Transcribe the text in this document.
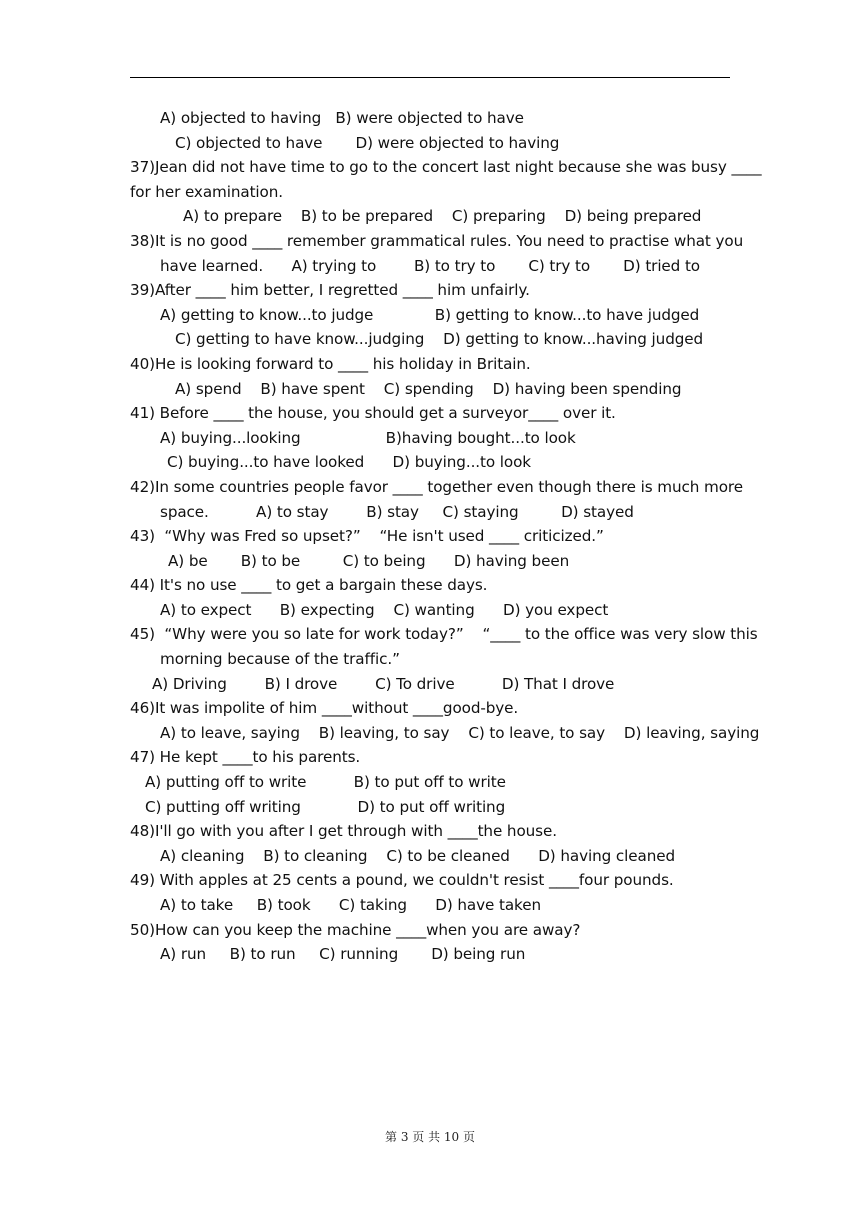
A) objected to having   B) were objected to have
C) objected to have       D) were objected to having
37)Jean did not have time to go to the concert last night because she was busy ____
for her examination.
A) to prepare    B) to be prepared    C) preparing    D) being prepared
38)It is no good ____ remember grammatical rules. You need to practise what you
have learned.      A) trying to        B) to try to       C) try to       D) tried to
39)After ____ him better, I regretted ____ him unfairly.
A) getting to know...to judge             B) getting to know...to have judged
C) getting to have know...judging    D) getting to know...having judged
40)He is looking forward to ____ his holiday in Britain.
A) spend    B) have spent    C) spending    D) having been spending
41) Before ____ the house, you should get a surveyor____ over it.
A) buying...looking                  B)having bought...to look
C) buying...to have looked      D) buying...to look
42)In some countries people favor ____ together even though there is much more
space.          A) to stay        B) stay     C) staying         D) stayed
43)  “Why was Fred so upset?”    “He isn't used ____ criticized.”
A) be       B) to be         C) to being      D) having been
44) It's no use ____ to get a bargain these days.
A) to expect      B) expecting    C) wanting      D) you expect
45)  “Why were you so late for work today?”    “____ to the office was very slow this
morning because of the traffic.”
A) Driving        B) I drove        C) To drive          D) That I drove
46)It was impolite of him ____without ____good-bye.
A) to leave, saying    B) leaving, to say    C) to leave, to say    D) leaving, saying
47) He kept ____to his parents.
A) putting off to write          B) to put off to write
C) putting off writing            D) to put off writing
48)I'll go with you after I get through with ____the house.
A) cleaning    B) to cleaning    C) to be cleaned      D) having cleaned
49) With apples at 25 cents a pound, we couldn't resist ____four pounds.
A) to take     B) took      C) taking      D) have taken
50)How can you keep the machine ____when you are away?
A) run     B) to run     C) running       D) being run
第 3 页 共 10 页
